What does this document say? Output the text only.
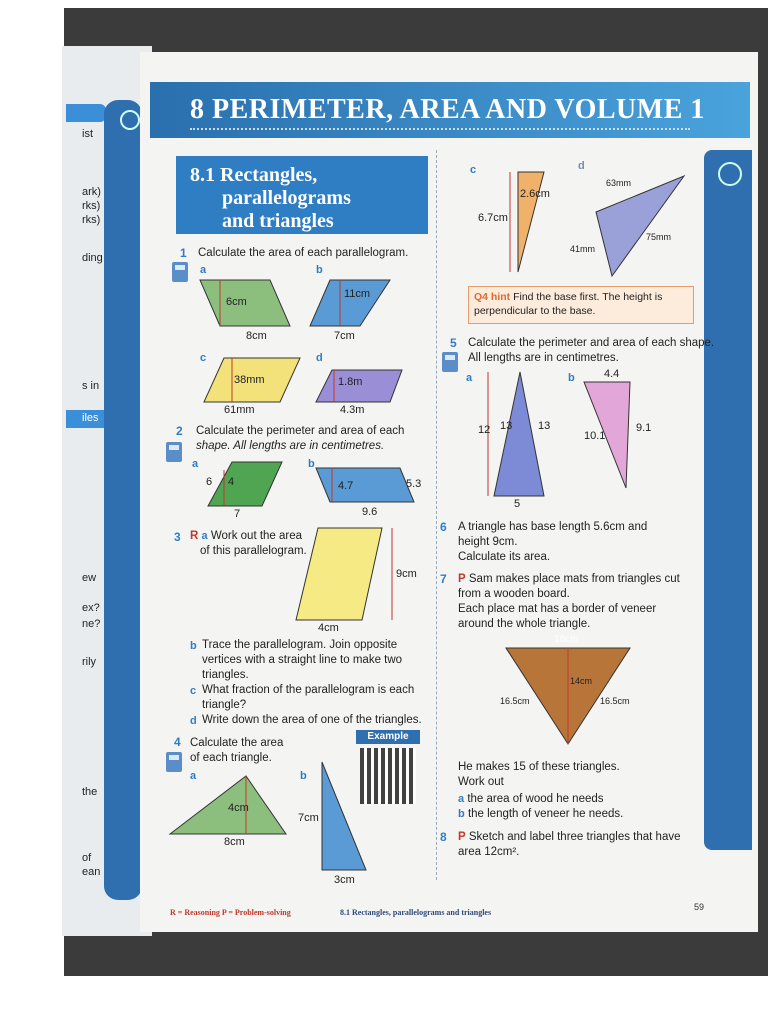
ist
ark)
rks)
rks)
ding
s in
iles
ew
ex?
ne?
rily
the
of
ean
8 PERIMETER, AREA AND VOLUME 1
8.1 Rectangles,
parallelograms
and triangles
1 Calculate the area of each parallelogram.
a	b
c	d
6cm
8cm
11cm
7cm
38mm
61mm
1.8m
4.3m
2 Calculate the perimeter and area of each
shape. All lengths are in centimetres.
a	b
6 4
7
4.7	5.3
9.6
3 R a Work out the area
of this parallelogram.
9cm
4cm
b Trace the parallelogram. Join opposite
vertices with a straight line to make two
triangles.
c What fraction of the parallelogram is each
triangle?
d Write down the area of one of the triangles.
4 Calculate the area
of each triangle.
a	b
4cm
8cm
7cm
3cm
Example
c	d
2.6cm
6.7cm
63mm
75mm
41mm
Q4 hint Find the base first. The height is
perpendicular to the base.
5 Calculate the perimeter and area of each shape.
All lengths are in centimetres.
a	b
12 13 13
5
4.4
10.1
9.1
6 A triangle has base length 5.6cm and
height 9cm.
Calculate its area.
7 P Sam makes place mats from triangles cut
from a wooden board.
Each place mat has a border of veneer
around the whole triangle.
18cm
14cm
16.5cm	16.5cm
He makes 15 of these triangles.
Work out
a the area of wood he needs
b the length of veneer he needs.
8 P Sketch and label three triangles that have
area 12cm².
R = Reasoning P = Problem-solving	8.1 Rectangles, parallelograms and triangles
59
